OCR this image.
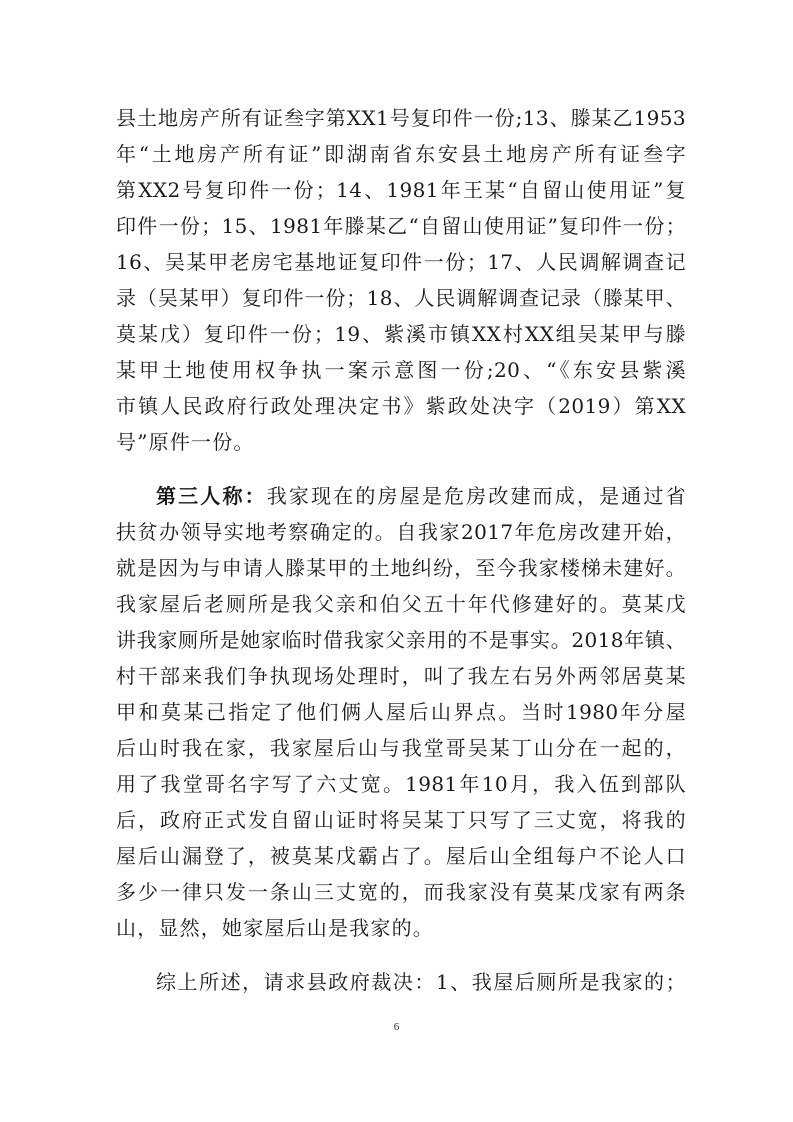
县土地房产所有证叁字第XX1号复印件一份;13、滕某乙1953
年“土地房产所有证”即湖南省东安县土地房产所有证叁字
第XX2号复印件一份；14、1981年王某“自留山使用证”复
印件一份；15、1981年滕某乙“自留山使用证”复印件一份；
16、吴某甲老房宅基地证复印件一份；17、人民调解调查记
录（吴某甲）复印件一份；18、人民调解调查记录（滕某甲、
莫某戊）复印件一份；19、紫溪市镇XX村XX组吴某甲与滕
某甲土地使用权争执一案示意图一份;20、“《东安县紫溪
市镇人民政府行政处理决定书》紫政处决字（2019）第XX
号”原件一份。
第三人称：我家现在的房屋是危房改建而成，是通过省
扶贫办领导实地考察确定的。自我家2017年危房改建开始，
就是因为与申请人滕某甲的土地纠纷，至今我家楼梯未建好。
我家屋后老厕所是我父亲和伯父五十年代修建好的。莫某戊
讲我家厕所是她家临时借我家父亲用的不是事实。2018年镇、
村干部来我们争执现场处理时，叫了我左右另外两邻居莫某
甲和莫某己指定了他们俩人屋后山界点。当时1980年分屋
后山时我在家，我家屋后山与我堂哥吴某丁山分在一起的，
用了我堂哥名字写了六丈宽。1981年10月，我入伍到部队
后，政府正式发自留山证时将吴某丁只写了三丈宽，将我的
屋后山漏登了，被莫某戊霸占了。屋后山全组每户不论人口
多少一律只发一条山三丈宽的，而我家没有莫某戊家有两条
山，显然，她家屋后山是我家的。
综上所述，请求县政府裁决：1、我屋后厕所是我家的；
6
